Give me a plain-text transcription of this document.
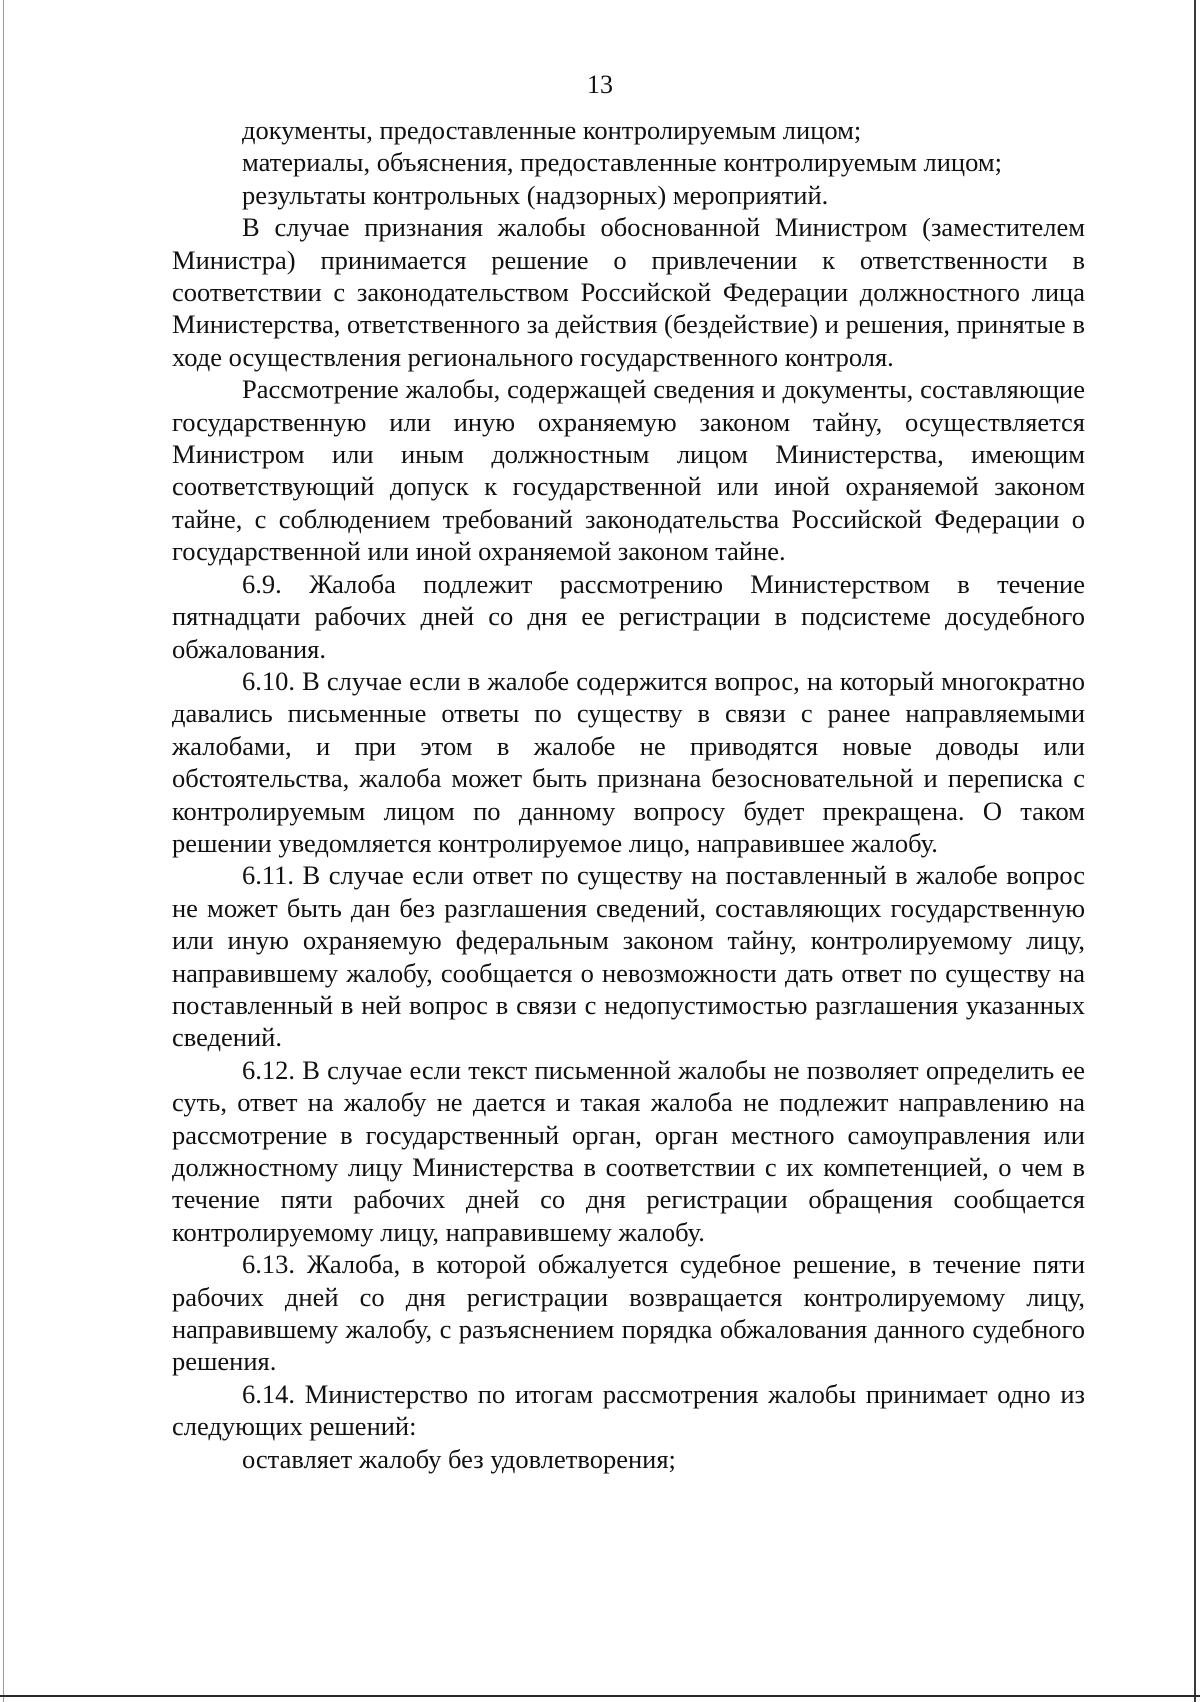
13

документы, предоставленные контролируемым лицом;

материалы, объяснения, предоставленные контролируемым лицом;

результаты контрольных (надзорных) мероприятий.

В случае признания жалобы обоснованной Министром (заместителем Министра) принимается решение о привлечении к ответственности в соответствии с законодательством Российской Федерации должностного лица Министерства, ответственного за действия (бездействие) и решения, принятые в ходе осуществления регионального государственного контроля.

Рассмотрение жалобы, содержащей сведения и документы, составляющие государственную или иную охраняемую законом тайну, осуществляется Министром или иным должностным лицом Министерства, имеющим соответствующий допуск к государственной или иной охраняемой законом тайне, с соблюдением требований законодательства Российской Федерации о государственной или иной охраняемой законом тайне.

6.9. Жалоба подлежит рассмотрению Министерством в течение пятнадцати рабочих дней со дня ее регистрации в подсистеме досудебного обжалования.

6.10. В случае если в жалобе содержится вопрос, на который многократно давались письменные ответы по существу в связи с ранее направляемыми жалобами, и при этом в жалобе не приводятся новые доводы или обстоятельства, жалоба может быть признана безосновательной и переписка с контролируемым лицом по данному вопросу будет прекращена. О таком решении уведомляется контролируемое лицо, направившее жалобу.

6.11. В случае если ответ по существу на поставленный в жалобе вопрос не может быть дан без разглашения сведений, составляющих государственную или иную охраняемую федеральным законом тайну, контролируемому лицу, направившему жалобу, сообщается о невозможности дать ответ по существу на поставленный в ней вопрос в связи с недопустимостью разглашения указанных сведений.

6.12. В случае если текст письменной жалобы не позволяет определить ее суть, ответ на жалобу не дается и такая жалоба не подлежит направлению на рассмотрение в государственный орган, орган местного самоуправления или должностному лицу Министерства в соответствии с их компетенцией, о чем в течение пяти рабочих дней со дня регистрации обращения сообщается контролируемому лицу, направившему жалобу.

6.13. Жалоба, в которой обжалуется судебное решение, в течение пяти рабочих дней со дня регистрации возвращается контролируемому лицу, направившему жалобу, с разъяснением порядка обжалования данного судебного решения.

6.14. Министерство по итогам рассмотрения жалобы принимает одно из следующих решений:

оставляет жалобу без удовлетворения;
